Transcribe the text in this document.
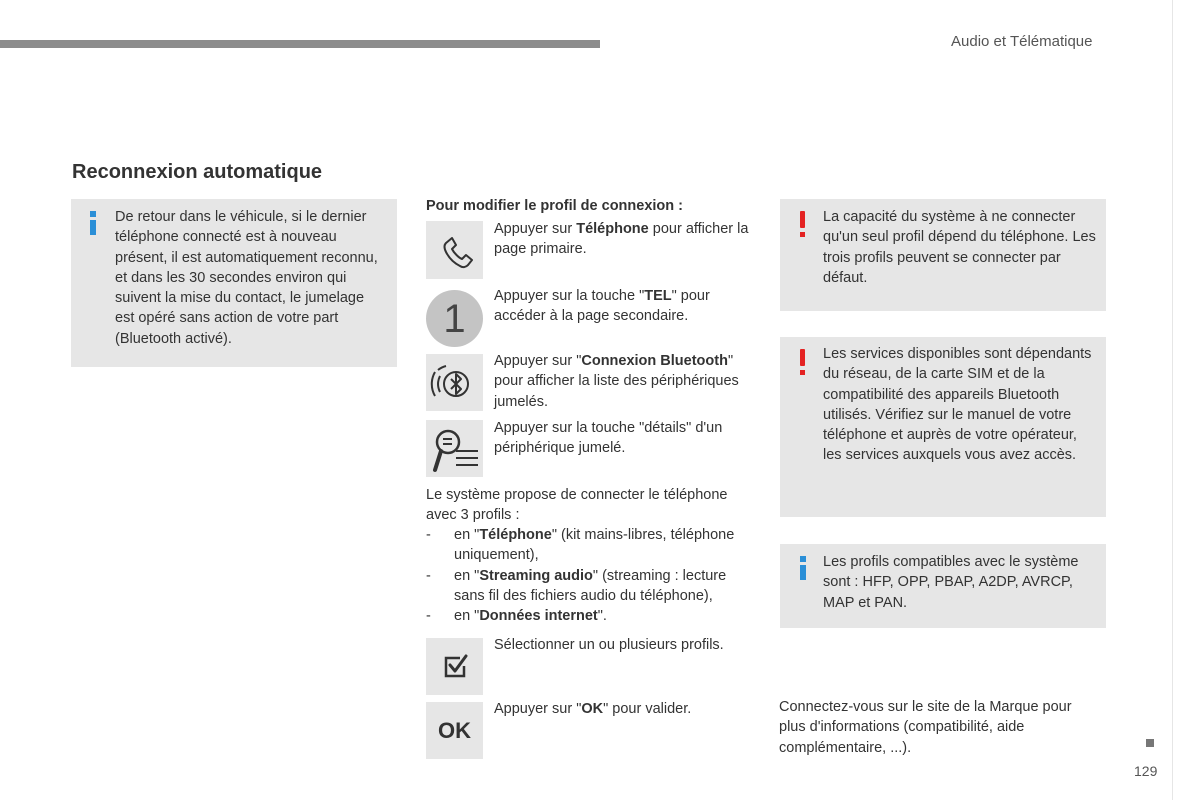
Audio et Télématique
Reconnexion automatique
De retour dans le véhicule, si le dernier téléphone connecté est à nouveau présent, il est automatiquement reconnu, et dans les 30 secondes environ qui suivent la mise du contact, le jumelage est opéré sans action de votre part (Bluetooth activé).
Pour modifier le profil de connexion :
Appuyer sur Téléphone pour afficher la page primaire.
1
Appuyer sur la touche "TEL" pour accéder à la page secondaire.
Appuyer sur "Connexion Bluetooth" pour afficher la liste des périphériques jumelés.
Appuyer sur la touche "détails" d'un périphérique jumelé.
Le système propose de connecter le téléphone avec 3 profils :
- en "Téléphone" (kit mains-libres, téléphone uniquement),
- en "Streaming audio" (streaming : lecture sans fil des fichiers audio du téléphone),
- en "Données internet".
Sélectionner un ou plusieurs profils.
OK
Appuyer sur "OK" pour valider.
La capacité du système à ne connecter qu'un seul profil dépend du téléphone. Les trois profils peuvent se connecter par défaut.
Les services disponibles sont dépendants du réseau, de la carte SIM et de la compatibilité des appareils Bluetooth utilisés. Vérifiez sur le manuel de votre téléphone et auprès de votre opérateur, les services auxquels vous avez accès.
Les profils compatibles avec le système sont : HFP, OPP, PBAP, A2DP, AVRCP, MAP et PAN.
Connectez-vous sur le site de la Marque pour plus d'informations (compatibilité, aide complémentaire, ...).
129
